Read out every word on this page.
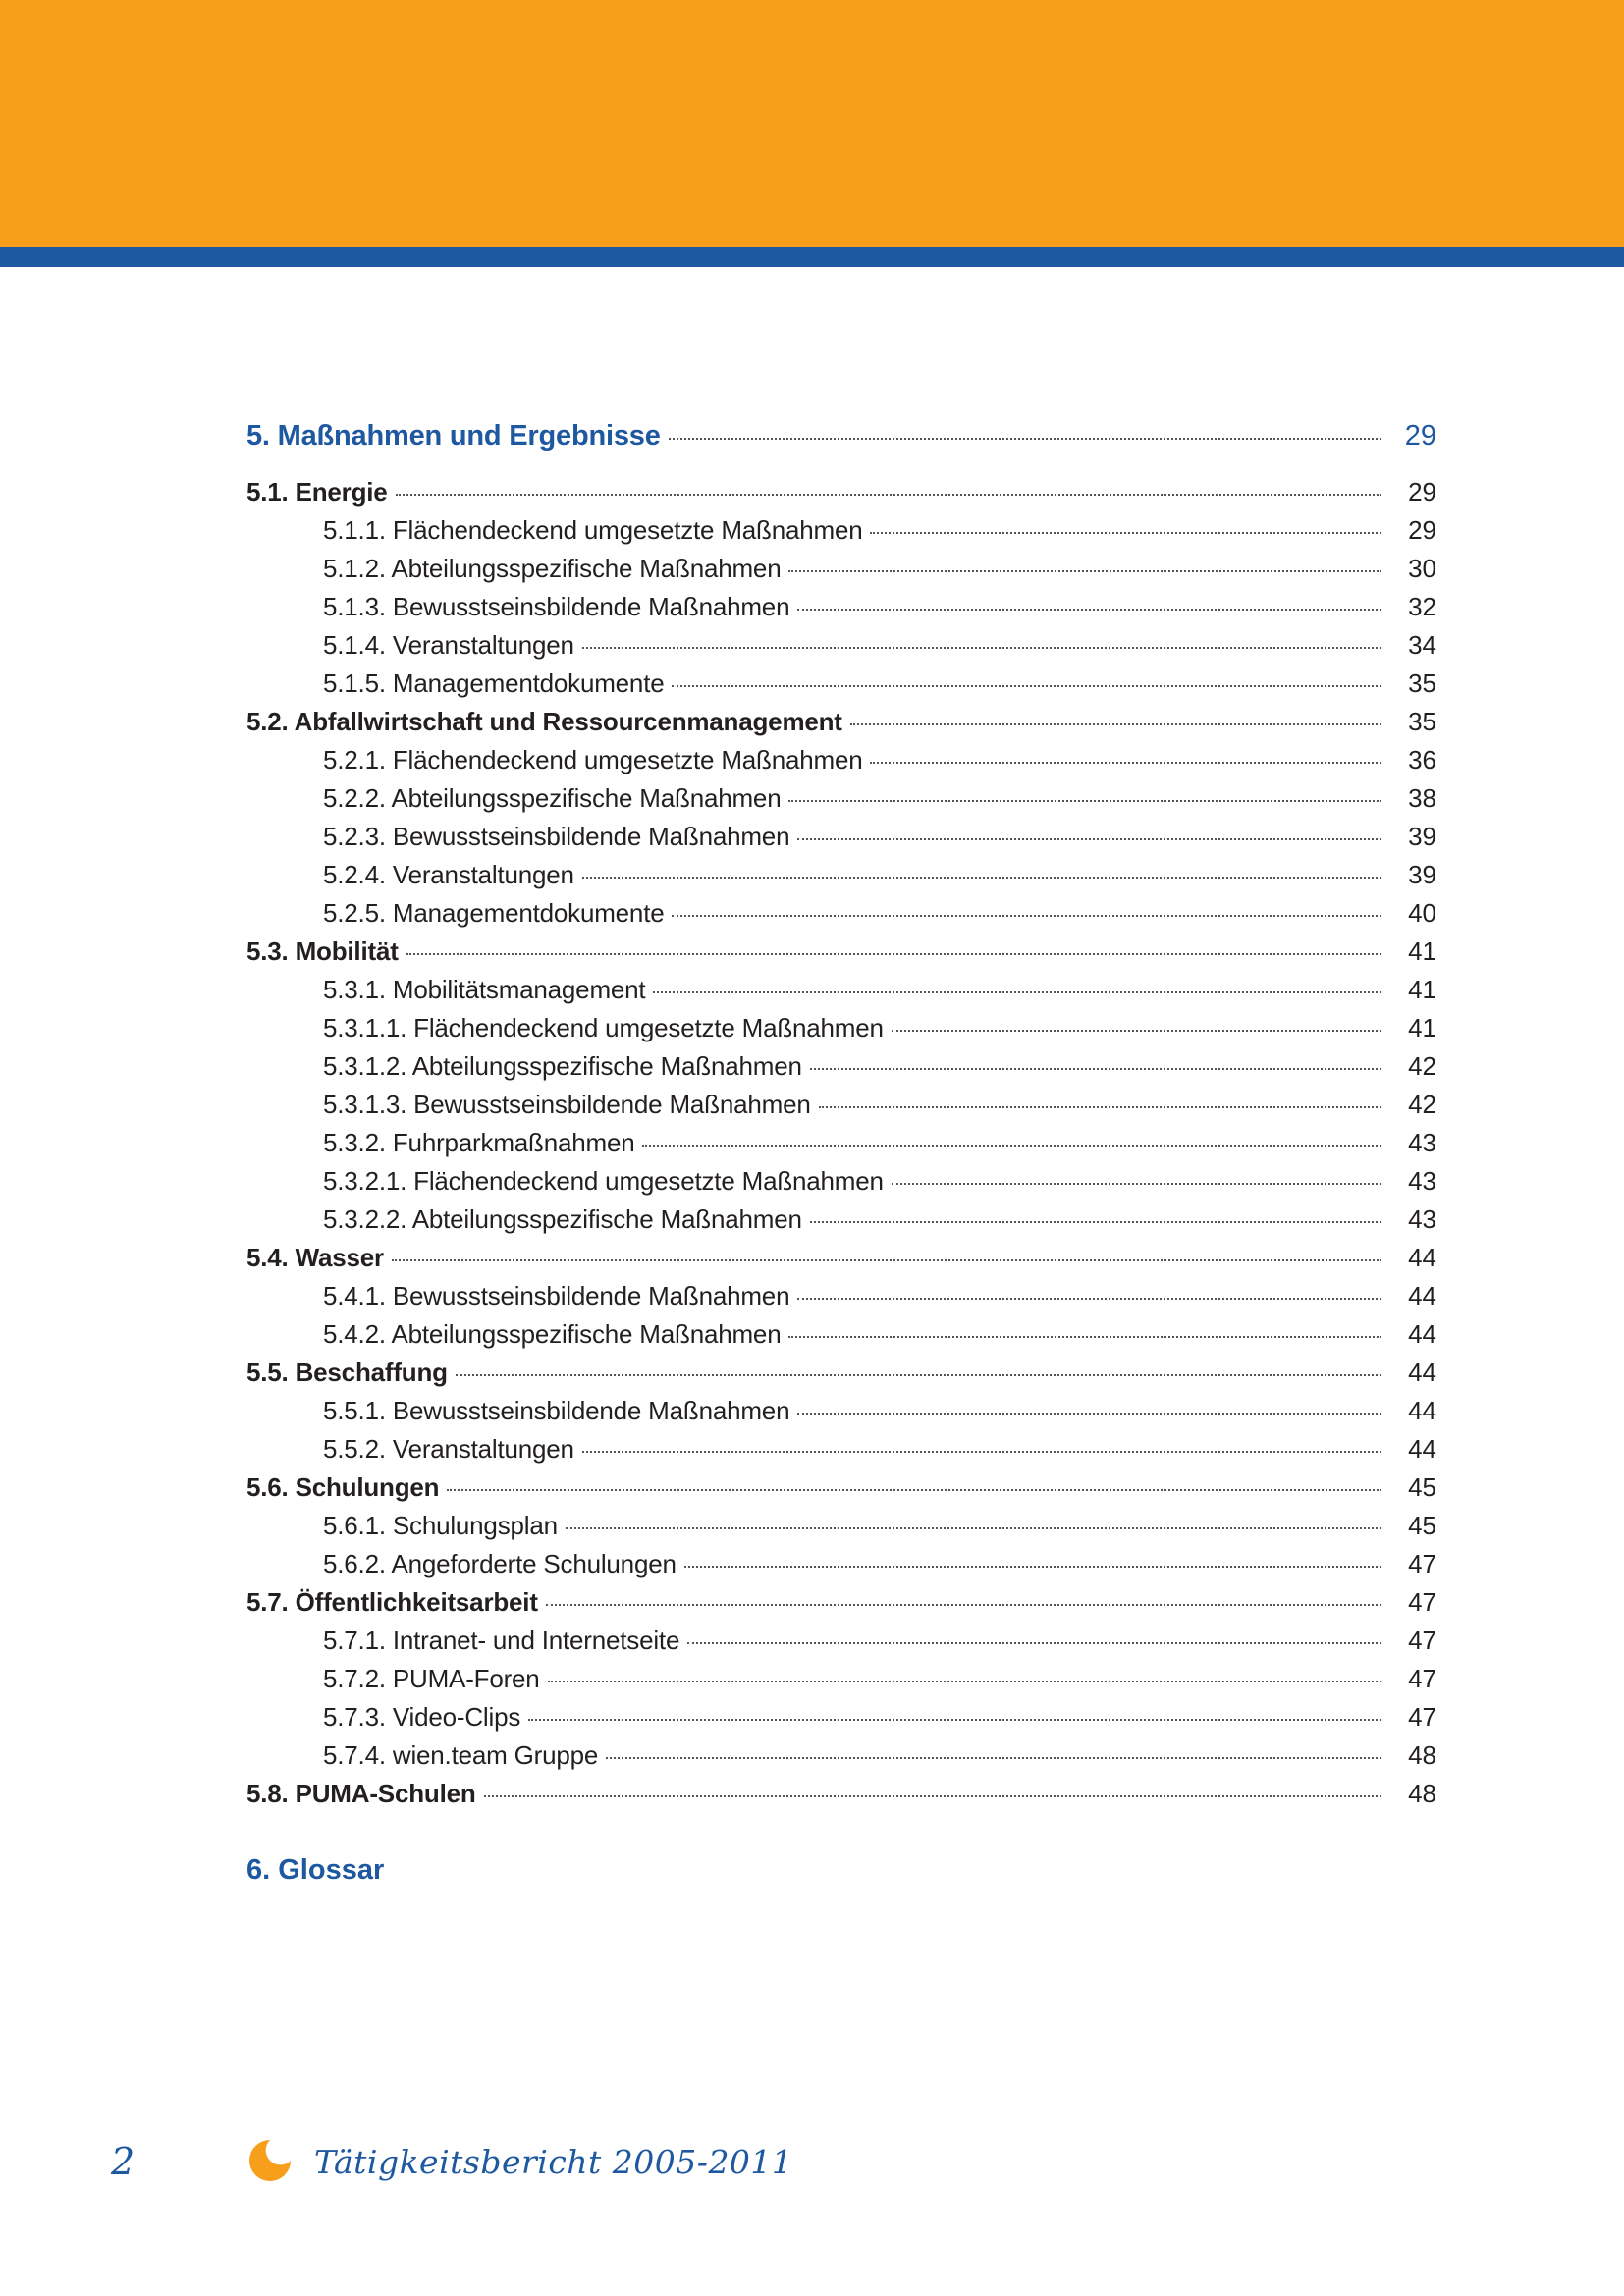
5. Maßnahmen und Ergebnisse	29
5.1. Energie	29
5.1.1. Flächendeckend umgesetzte Maßnahmen	29
5.1.2. Abteilungsspezifische Maßnahmen	30
5.1.3. Bewusstseinsbildende Maßnahmen	32
5.1.4. Veranstaltungen	34
5.1.5. Managementdokumente	35
5.2. Abfallwirtschaft und Ressourcenmanagement	35
5.2.1. Flächendeckend umgesetzte Maßnahmen	36
5.2.2. Abteilungsspezifische Maßnahmen	38
5.2.3. Bewusstseinsbildende Maßnahmen	39
5.2.4. Veranstaltungen	39
5.2.5. Managementdokumente	40
5.3. Mobilität	41
5.3.1. Mobilitätsmanagement	41
5.3.1.1. Flächendeckend umgesetzte Maßnahmen	41
5.3.1.2. Abteilungsspezifische Maßnahmen	42
5.3.1.3. Bewusstseinsbildende Maßnahmen	42
5.3.2. Fuhrparkmaßnahmen	43
5.3.2.1. Flächendeckend umgesetzte Maßnahmen	43
5.3.2.2. Abteilungsspezifische Maßnahmen	43
5.4. Wasser	44
5.4.1. Bewusstseinsbildende Maßnahmen	44
5.4.2. Abteilungsspezifische Maßnahmen	44
5.5. Beschaffung	44
5.5.1. Bewusstseinsbildende Maßnahmen	44
5.5.2. Veranstaltungen	44
5.6. Schulungen	45
5.6.1. Schulungsplan	45
5.6.2. Angeforderte Schulungen	47
5.7. Öffentlichkeitsarbeit	47
5.7.1. Intranet- und Internetseite	47
5.7.2. PUMA-Foren	47
5.7.3. Video-Clips	47
5.7.4. wien.team Gruppe	48
5.8. PUMA-Schulen	48
6. Glossar
2	Tätigkeitsbericht 2005-2011
